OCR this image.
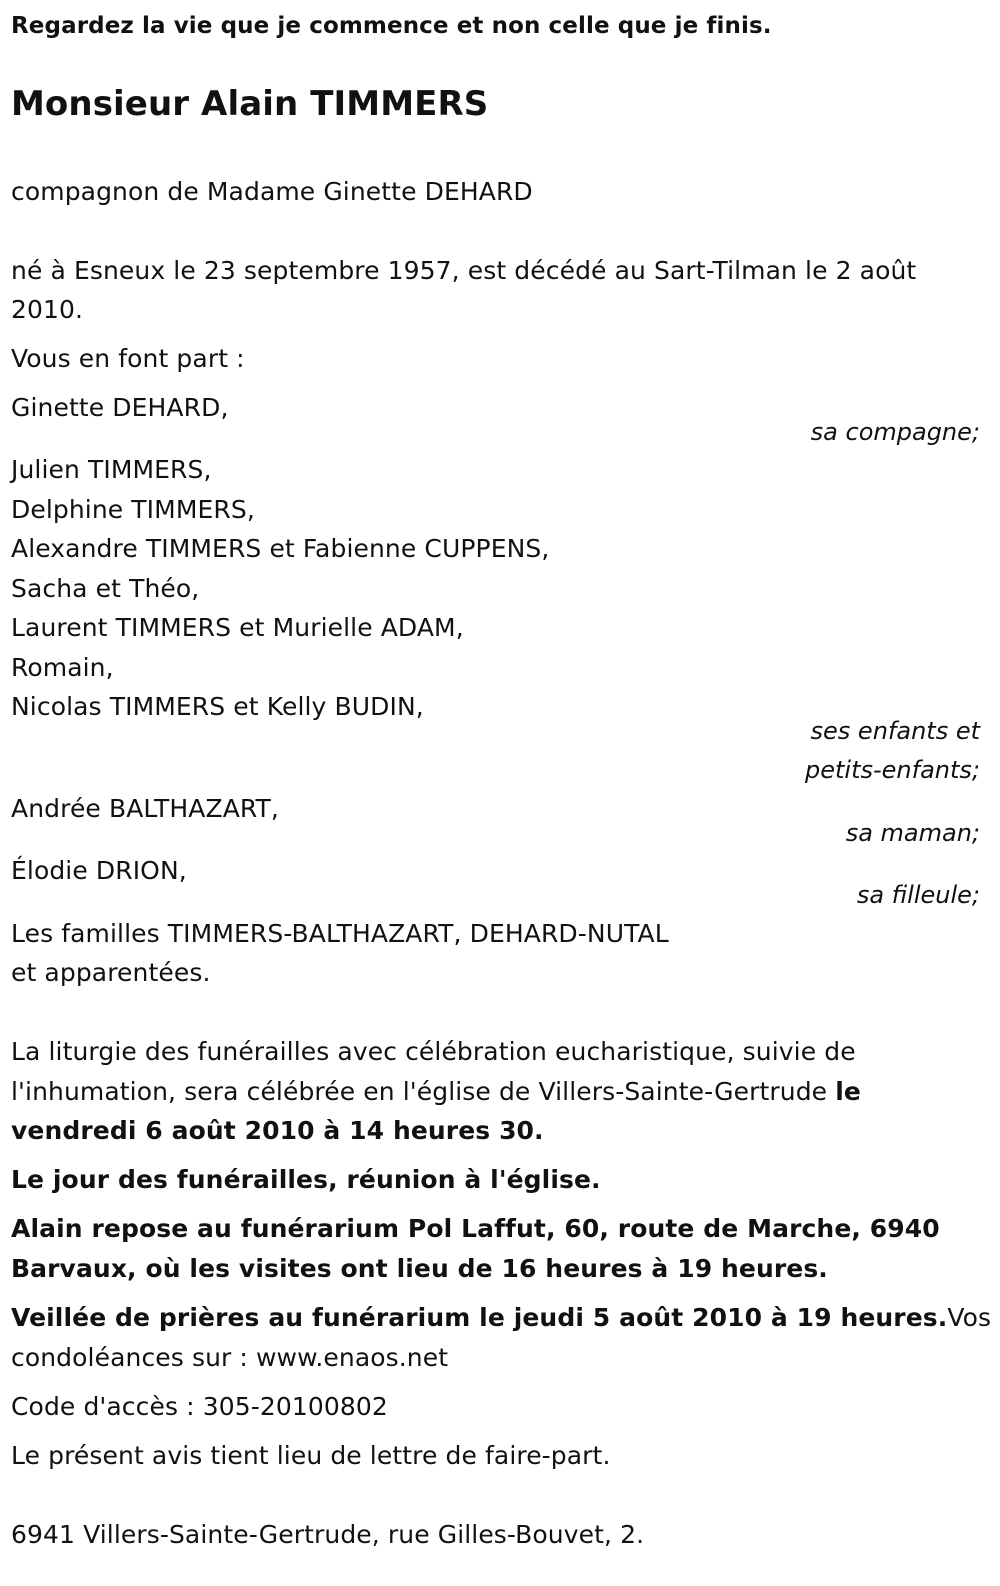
Regardez la vie que je commence et non celle que je finis.
Monsieur Alain TIMMERS
compagnon de Madame Ginette DEHARD
né à Esneux le 23 septembre 1957, est décédé au Sart-Tilman le 2 août
2010.
Vous en font part :
Ginette DEHARD,
sa compagne;
Julien TIMMERS,
Delphine TIMMERS,
Alexandre TIMMERS et Fabienne CUPPENS,
Sacha et Théo,
Laurent TIMMERS et Murielle ADAM,
Romain,
Nicolas TIMMERS et Kelly BUDIN,
ses enfants et
petits-enfants;
Andrée BALTHAZART,
sa maman;
Élodie DRION,
sa filleule;
Les familles TIMMERS-BALTHAZART, DEHARD-NUTAL
et apparentées.
La liturgie des funérailles avec célébration eucharistique, suivie de
l'inhumation, sera célébrée en l'église de Villers-Sainte-Gertrude le
vendredi 6 août 2010 à 14 heures 30.
Le jour des funérailles, réunion à l'église.
Alain repose au funérarium Pol Laffut, 60, route de Marche, 6940
Barvaux, où les visites ont lieu de 16 heures à 19 heures.
Veillée de prières au funérarium le jeudi 5 août 2010 à 19 heures.Vos
condoléances sur : www.enaos.net
Code d'accès : 305-20100802
Le présent avis tient lieu de lettre de faire-part.
6941 Villers-Sainte-Gertrude, rue Gilles-Bouvet, 2.
